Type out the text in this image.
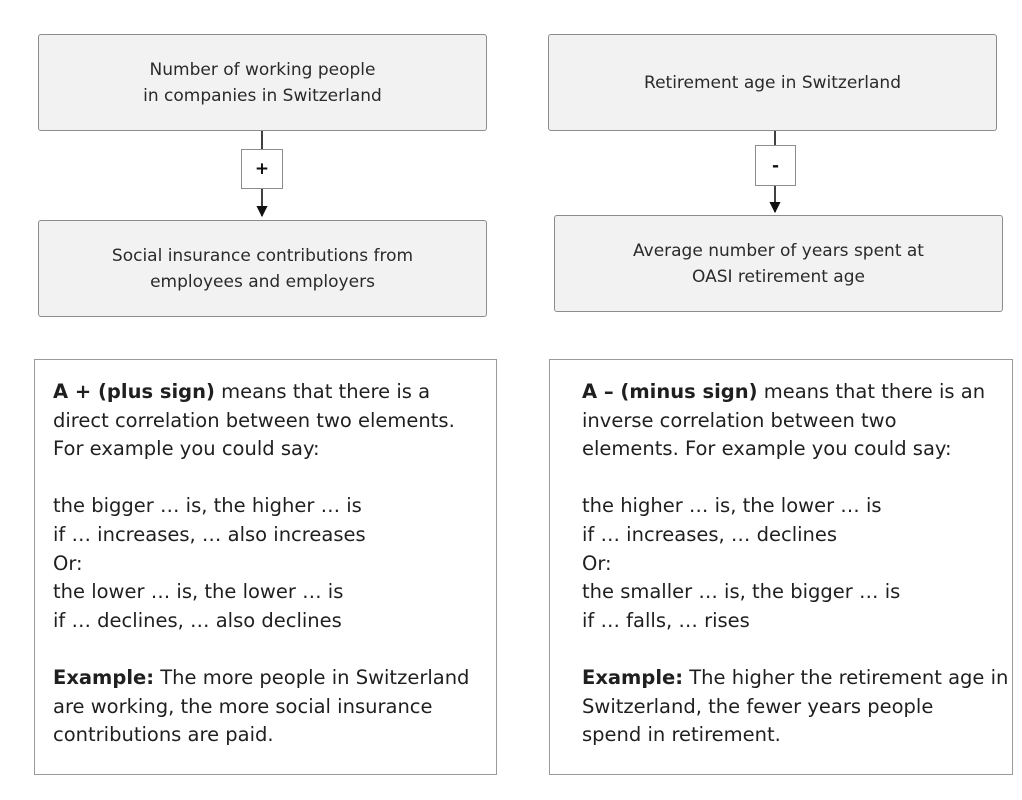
Number of working people
in companies in Switzerland
+
Social insurance contributions from
employees and employers
Retirement age in Switzerland
-
Average number of years spent at
OASI retirement age
A + (plus sign) means that there is a
direct correlation between two elements.
For example you could say:
the bigger … is, the higher … is
if … increases, … also increases
Or:
the lower … is, the lower … is
if … declines, … also declines
Example: The more people in Switzerland
are working, the more social insurance
contributions are paid.
A – (minus sign) means that there is an
inverse correlation between two
elements. For example you could say:
the higher … is, the lower … is
if … increases, … declines
Or:
the smaller … is, the bigger … is
if … falls, … rises
Example: The higher the retirement age in
Switzerland, the fewer years people
spend in retirement.
